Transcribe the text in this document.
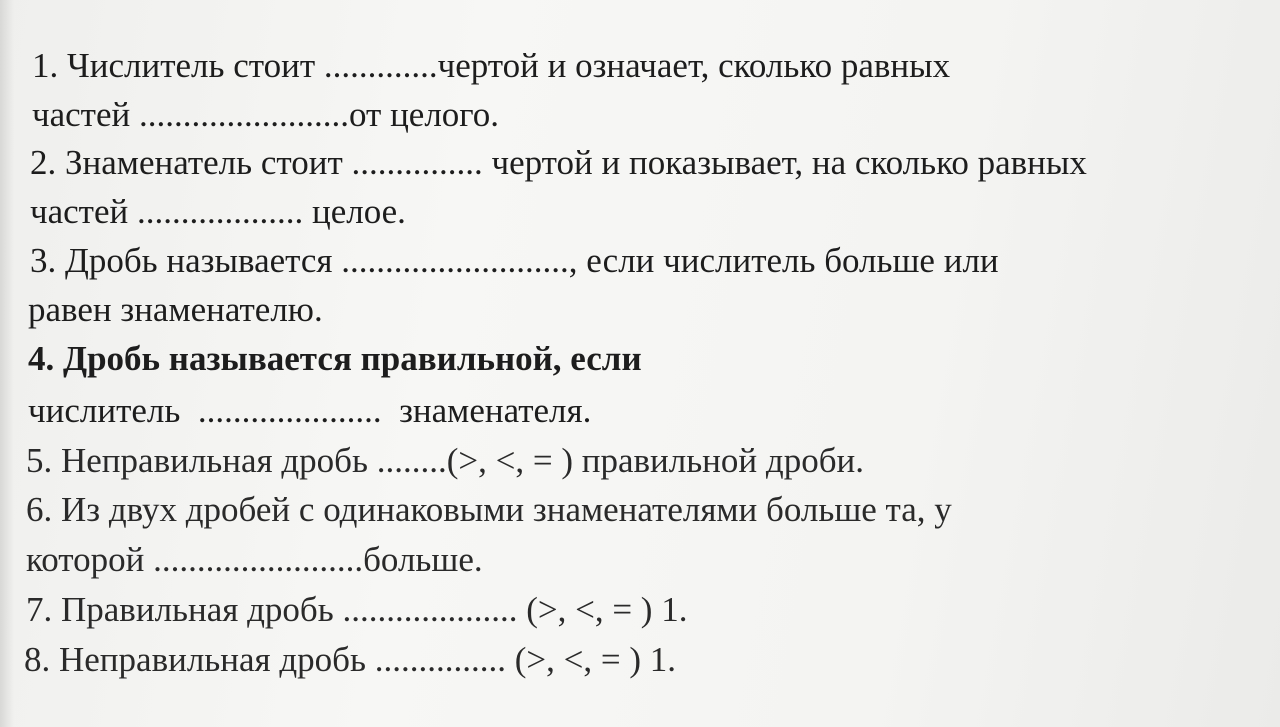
1. Числитель стоит .............чертой и означает, сколько равных
частей ........................от целого.
2. Знаменатель стоит ............... чертой и показывает, на сколько равных
частей ................... целое.
3. Дробь называется .........................., если числитель больше или
равен знаменателю.
4. Дробь называется правильной, если
числитель  .....................  знаменателя.
5. Неправильная дробь ........(>, <, = ) правильной дроби.
6. Из двух дробей с одинаковыми знаменателями больше та, у
которой ........................больше.
7. Правильная дробь .................... (>, <, = ) 1.
8. Неправильная дробь ............... (>, <, = ) 1.
